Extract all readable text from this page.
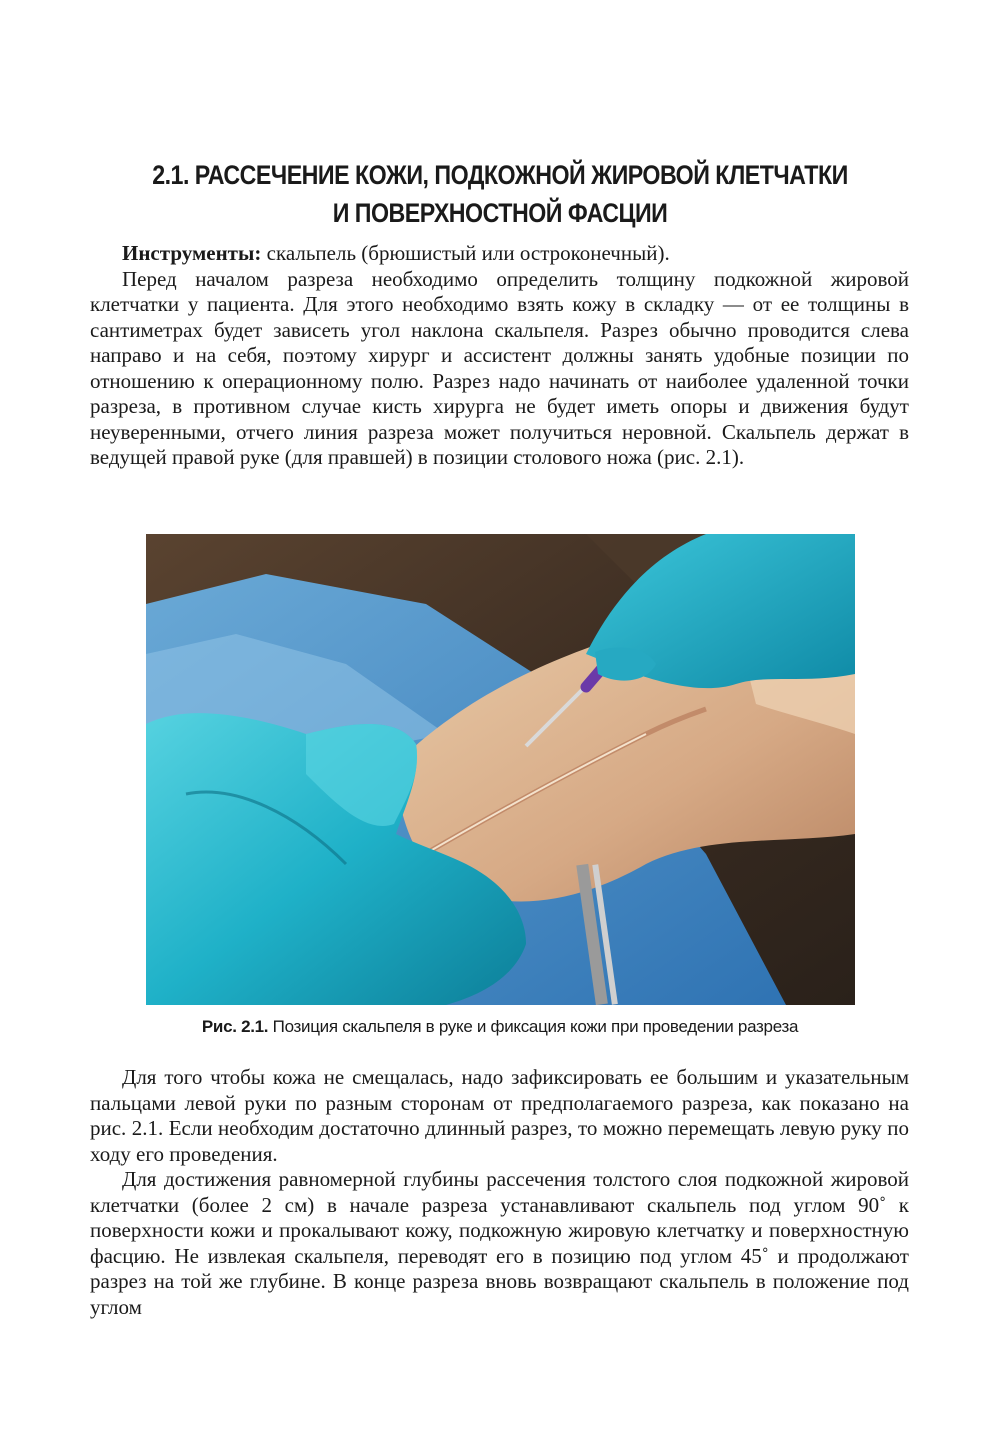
2.1. РАССЕЧЕНИЕ КОЖИ, ПОДКОЖНОЙ ЖИРОВОЙ КЛЕТЧАТКИ
И ПОВЕРХНОСТНОЙ ФАСЦИИ

Инструменты: скальпель (брюшистый или остроконечный).

Перед началом разреза необходимо определить толщину подкожной жировой клетчатки у пациента. Для этого необходимо взять кожу в складку — от ее толщины в сантиметрах будет зависеть угол наклона скальпеля. Разрез обычно проводится слева направо и на себя, поэтому хирург и ассистент должны занять удобные позиции по отношению к операционному полю. Разрез надо начинать от наиболее удаленной точки разреза, в противном случае кисть хирурга не будет иметь опоры и движения будут неуверенными, отчего линия разреза может получиться неровной. Скальпель держат в ведущей правой руке (для правшей) в позиции столового ножа (рис. 2.1).

Рис. 2.1. Позиция скальпеля в руке и фиксация кожи при проведении разреза

Для того чтобы кожа не смещалась, надо зафиксировать ее большим и указательным пальцами левой руки по разным сторонам от предполагаемого разреза, как показано на рис. 2.1. Если необходим достаточно длинный разрез, то можно перемещать левую руку по ходу его проведения.

Для достижения равномерной глубины рассечения толстого слоя подкожной жировой клетчатки (более 2 см) в начале разреза устанавливают скальпель под углом 90˚ к поверхности кожи и прокалывают кожу, подкожную жировую клетчатку и поверхностную фасцию. Не извлекая скальпеля, переводят его в позицию под углом 45˚ и продолжают разрез на той же глубине. В конце разреза вновь возвращают скальпель в положение под углом
